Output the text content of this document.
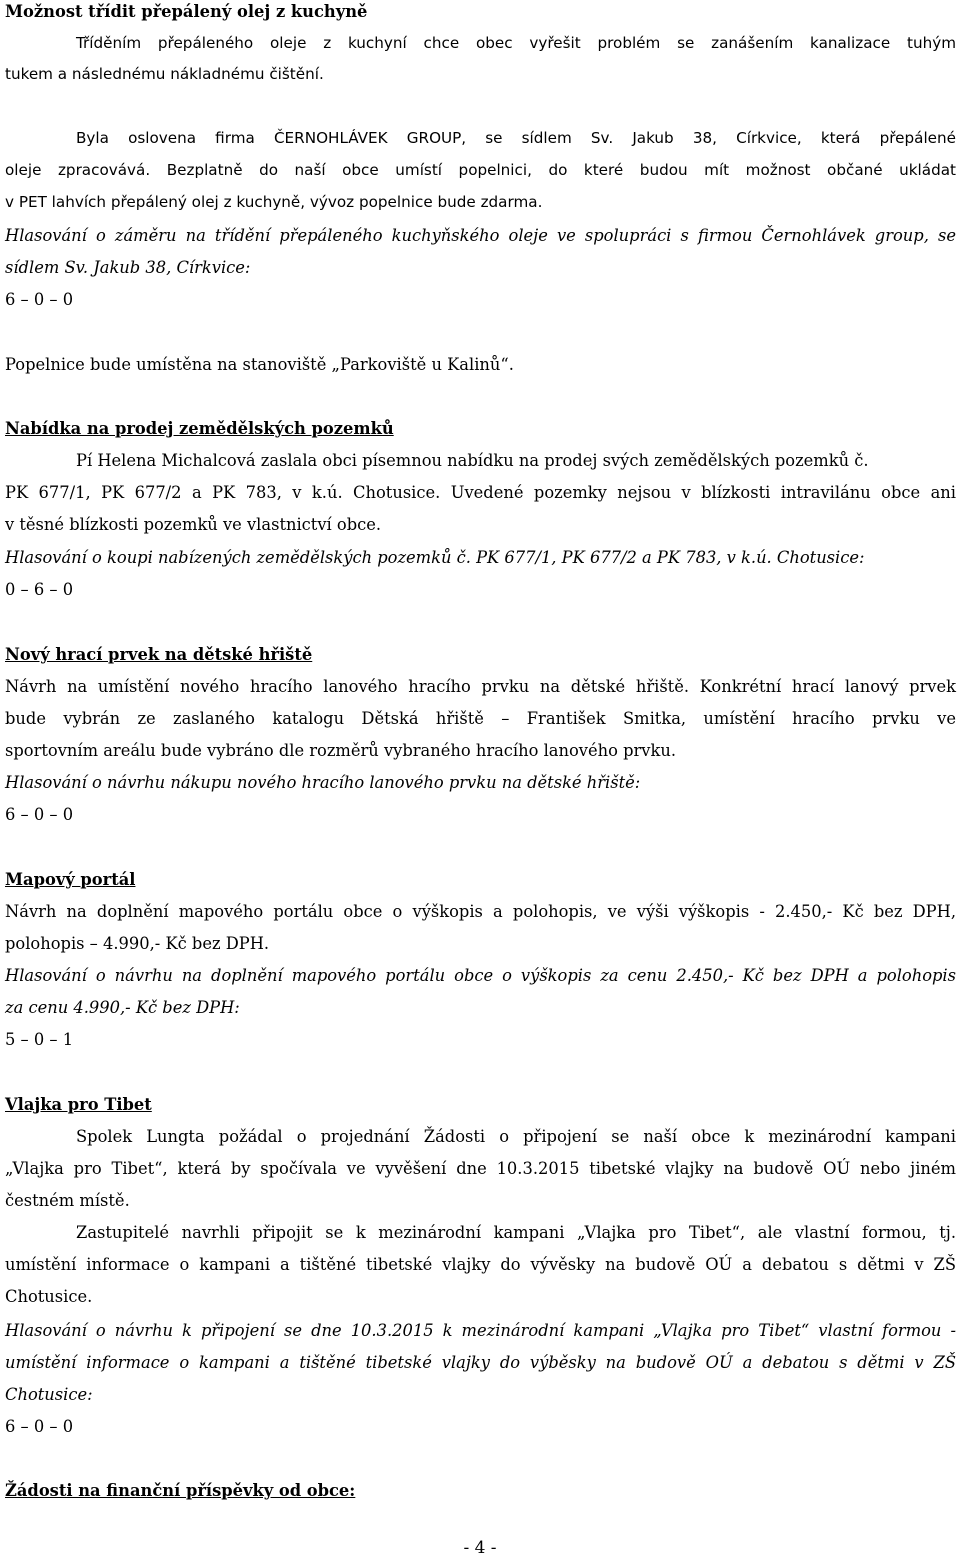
Možnost třídit přepálený olej z kuchyně
Tříděním přepáleného oleje z kuchyní chce obec vyřešit problém se zanášením kanalizace tuhým
tukem a následnému nákladnému čištění.
Byla oslovena firma ČERNOHLÁVEK GROUP, se sídlem Sv. Jakub 38, Církvice, která přepálené
oleje zpracovává. Bezplatně do naší obce umístí popelnici, do které budou mít možnost občané ukládat
v PET lahvích přepálený olej z kuchyně, vývoz popelnice bude zdarma.
Hlasování o záměru na třídění přepáleného kuchyňského oleje ve spolupráci s firmou Černohlávek group, se
sídlem Sv. Jakub 38, Církvice:
6 – 0 – 0
Popelnice bude umístěna na stanoviště „Parkoviště u Kalinů“.
Nabídka na prodej zemědělských pozemků
Pí Helena Michalcová zaslala obci písemnou nabídku na prodej svých zemědělských pozemků č.
PK 677/1, PK 677/2 a PK 783, v k.ú. Chotusice. Uvedené pozemky nejsou v blízkosti intravilánu obce ani
v těsné blízkosti pozemků ve vlastnictví obce.
Hlasování o koupi nabízených zemědělských pozemků č. PK 677/1, PK 677/2 a PK 783, v k.ú. Chotusice:
0 – 6 – 0
Nový hrací prvek na dětské hřiště
Návrh na umístění nového hracího lanového hracího prvku na dětské hřiště. Konkrétní hrací lanový prvek
bude vybrán ze zaslaného katalogu Dětská hřiště – František Smitka, umístění hracího prvku ve
sportovním areálu bude vybráno dle rozměrů vybraného hracího lanového prvku.
Hlasování o návrhu nákupu nového hracího lanového prvku na dětské hřiště:
6 – 0 – 0
Mapový portál
Návrh na doplnění mapového portálu obce o výškopis a polohopis, ve výši výškopis - 2.450,- Kč bez DPH,
polohopis – 4.990,- Kč bez DPH.
Hlasování o návrhu na doplnění mapového portálu obce o výškopis za cenu 2.450,- Kč bez DPH a polohopis
za cenu 4.990,- Kč bez DPH:
5 – 0 – 1
Vlajka pro Tibet
Spolek Lungta požádal o projednání Žádosti o připojení se naší obce k mezinárodní kampani
„Vlajka pro Tibet“, která by spočívala ve vyvěšení dne 10.3.2015 tibetské vlajky na budově OÚ nebo jiném
čestném místě.
Zastupitelé navrhli připojit se k mezinárodní kampani „Vlajka pro Tibet“, ale vlastní formou, tj.
umístění informace o kampani a tištěné tibetské vlajky do vývěsky na budově OÚ a debatou s dětmi v ZŠ
Chotusice.
Hlasování o návrhu k připojení se dne 10.3.2015 k mezinárodní kampani „Vlajka pro Tibet“ vlastní formou -
umístění informace o kampani a tištěné tibetské vlajky do výběsky na budově OÚ a debatou s dětmi v ZŠ
Chotusice:
6 – 0 – 0
Žádosti na finanční příspěvky od obce:
- 4 -
